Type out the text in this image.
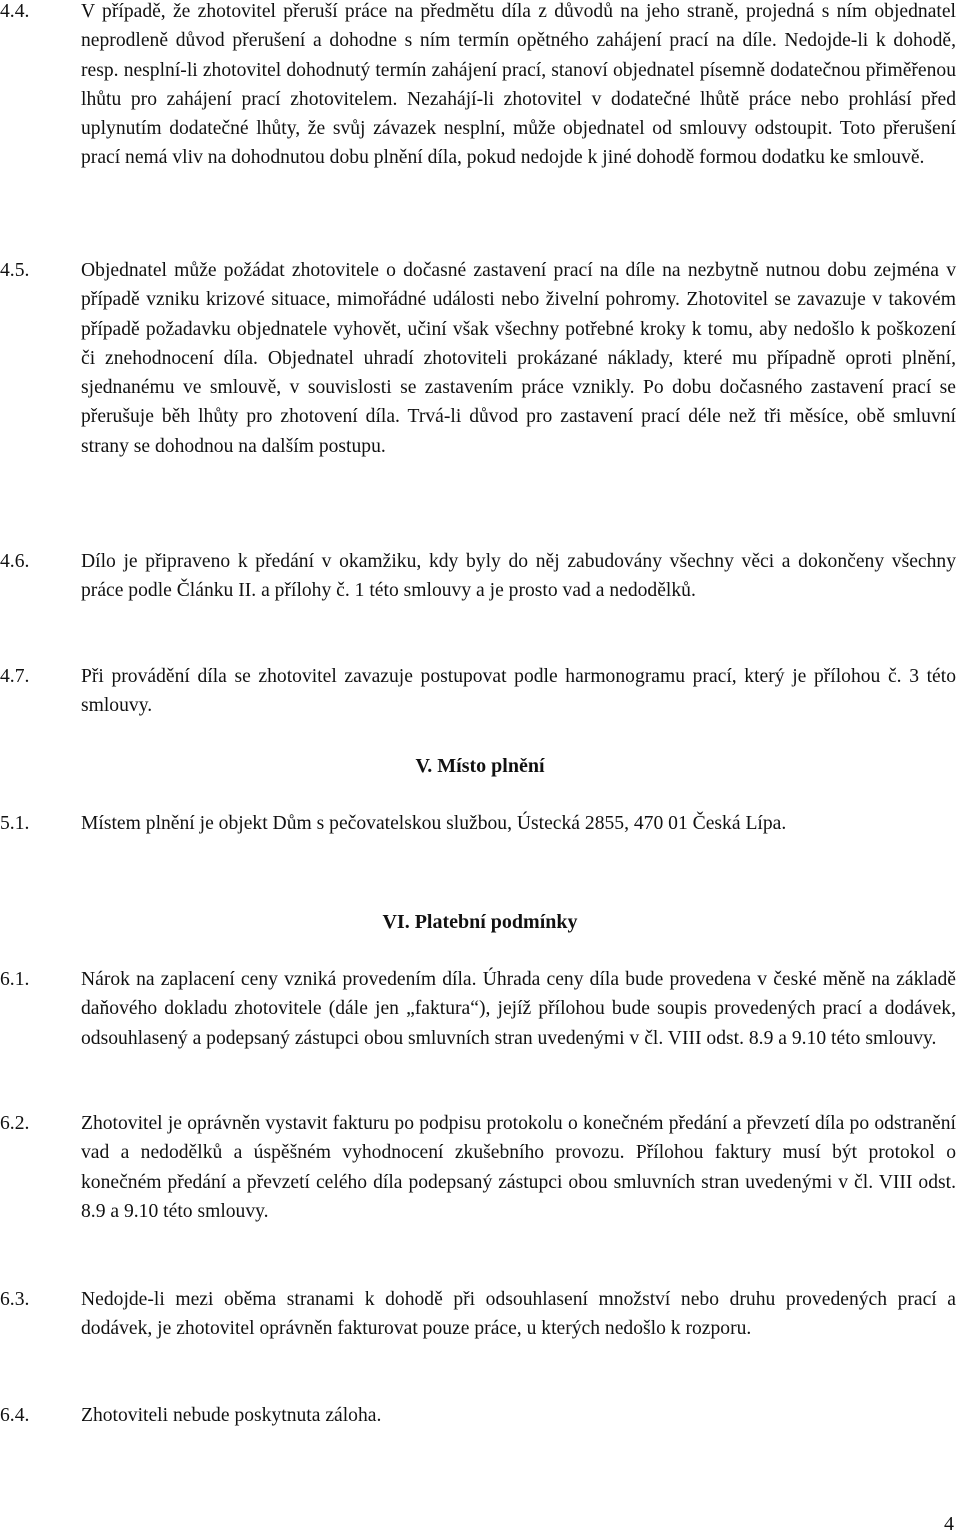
4.4.	V případě, že zhotovitel přeruší práce na předmětu díla z důvodů na jeho straně, projedná s ním objednatel neprodleně důvod přerušení a dohodne s ním termín opětného zahájení prací na díle. Nedojde-li k dohodě, resp. nesplní-li zhotovitel dohodnutý termín zahájení prací, stanoví objednatel písemně dodatečnou přiměřenou lhůtu pro zahájení prací zhotovitelem. Nezahájí-li zhotovitel v dodatečné lhůtě práce nebo prohlásí před uplynutím dodatečné lhůty, že svůj závazek nesplní, může objednatel od smlouvy odstoupit. Toto přerušení prací nemá vliv na dohodnutou dobu plnění díla, pokud nedojde k jiné dohodě formou dodatku ke smlouvě.
4.5.	Objednatel může požádat zhotovitele o dočasné zastavení prací na díle na nezbytně nutnou dobu zejména v případě vzniku krizové situace, mimořádné události nebo živelní pohromy. Zhotovitel se zavazuje v takovém případě požadavku objednatele vyhovět, učiní však všechny potřebné kroky k tomu, aby nedošlo k poškození či znehodnocení díla. Objednatel uhradí zhotoviteli prokázané náklady, které mu případně oproti plnění, sjednanému ve smlouvě, v souvislosti se zastavením práce vznikly. Po dobu dočasného zastavení prací se přerušuje běh lhůty pro zhotovení díla. Trvá-li důvod pro zastavení prací déle než tři měsíce, obě smluvní strany se dohodnou na dalším postupu.
4.6.	Dílo je připraveno k předání v okamžiku, kdy byly do něj zabudovány všechny věci a dokončeny všechny práce podle Článku II. a přílohy č. 1 této smlouvy a je prosto vad a nedodělků.
4.7.	Při provádění díla se zhotovitel zavazuje postupovat podle harmonogramu prací, který je přílohou č. 3 této smlouvy.
V. Místo plnění
5.1.	Místem plnění je objekt Dům s pečovatelskou službou, Ústecká 2855, 470 01 Česká Lípa.
VI. Platební podmínky
6.1.	Nárok na zaplacení ceny vzniká provedením díla. Úhrada ceny díla bude provedena v české měně na základě daňového dokladu zhotovitele (dále jen „faktura“), jejíž přílohou bude soupis provedených prací a dodávek, odsouhlasený a podepsaný zástupci obou smluvních stran uvedenými v čl. VIII odst. 8.9 a 9.10 této smlouvy.
6.2.	Zhotovitel je oprávněn vystavit fakturu po podpisu protokolu o konečném předání a převzetí díla po odstranění vad a nedodělků a úspěšném vyhodnocení zkušebního provozu. Přílohou faktury musí být protokol o konečném předání a převzetí celého díla podepsaný zástupci obou smluvních stran uvedenými v čl. VIII odst. 8.9 a 9.10 této smlouvy.
6.3.	Nedojde-li mezi oběma stranami k dohodě při odsouhlasení množství nebo druhu provedených prací a dodávek, je zhotovitel oprávněn fakturovat pouze práce, u kterých nedošlo k rozporu.
6.4.	Zhotoviteli nebude poskytnuta záloha.
4
